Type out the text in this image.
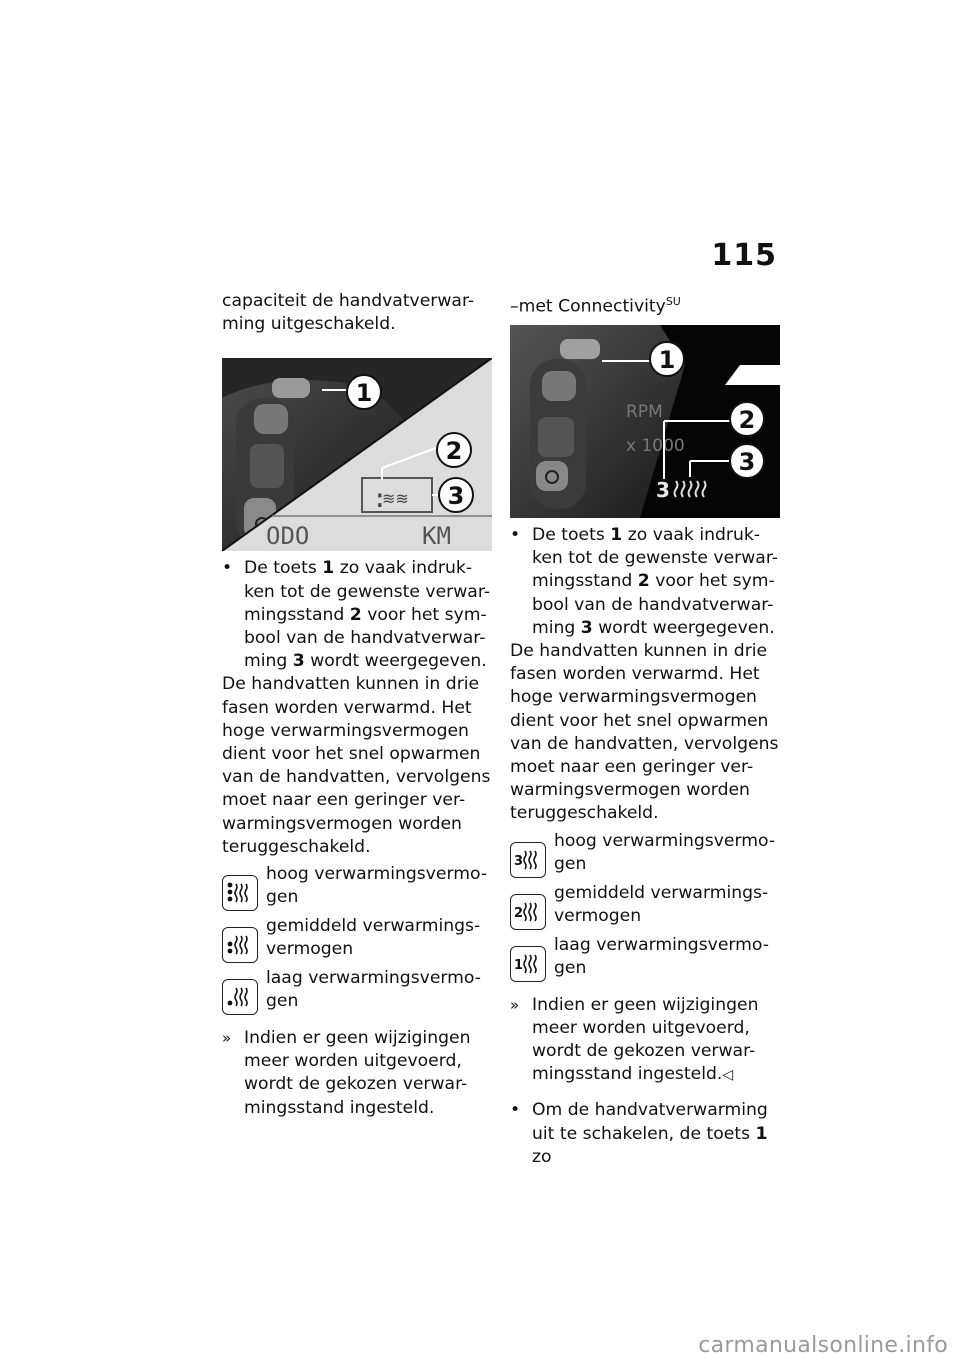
115

capaciteit de handvatverwar-ming uitgeschakeld.

:
≋≋
ODO	KM
1
2
3
• De toets 1 zo vaak indruk-ken tot de gewenste verwar-mingsstand 2 voor het sym-bool van de handvatverwar-ming 3 wordt weergegeven.

De handvatten kunnen in drie fasen worden verwarmd. Het hoge verwarmingsvermogen dient voor het snel opwarmen van de handvatten, vervolgens moet naar een geringer ver-warmingsvermogen worden teruggeschakeld.

hoog verwarmingsvermo-gen
gemiddeld verwarmings-vermogen
laag verwarmingsvermo-gen
» Indien er geen wijzigingen meer worden uitgevoerd, wordt de gekozen verwar-mingsstand ingesteld.

–met Connectivity$^{SU}$

RPM
x 1000
3
1
2
3
• De toets 1 zo vaak indruk-ken tot de gewenste verwar-mingsstand 2 voor het sym-bool van de handvatverwar-ming 3 wordt weergegeven.

De handvatten kunnen in drie fasen worden verwarmd. Het hoge verwarmingsvermogen dient voor het snel opwarmen van de handvatten, vervolgens moet naar een geringer ver-warmingsvermogen worden teruggeschakeld.

3
hoog verwarmingsvermo-gen
2
gemiddeld verwarmings-vermogen
1
laag verwarmingsvermo-gen
» Indien er geen wijzigingen meer worden uitgevoerd, wordt de gekozen verwar-mingsstand ingesteld.◁
• Om de handvatverwarming uit te schakelen, de toets 1 zo
carmanualsonline.info
